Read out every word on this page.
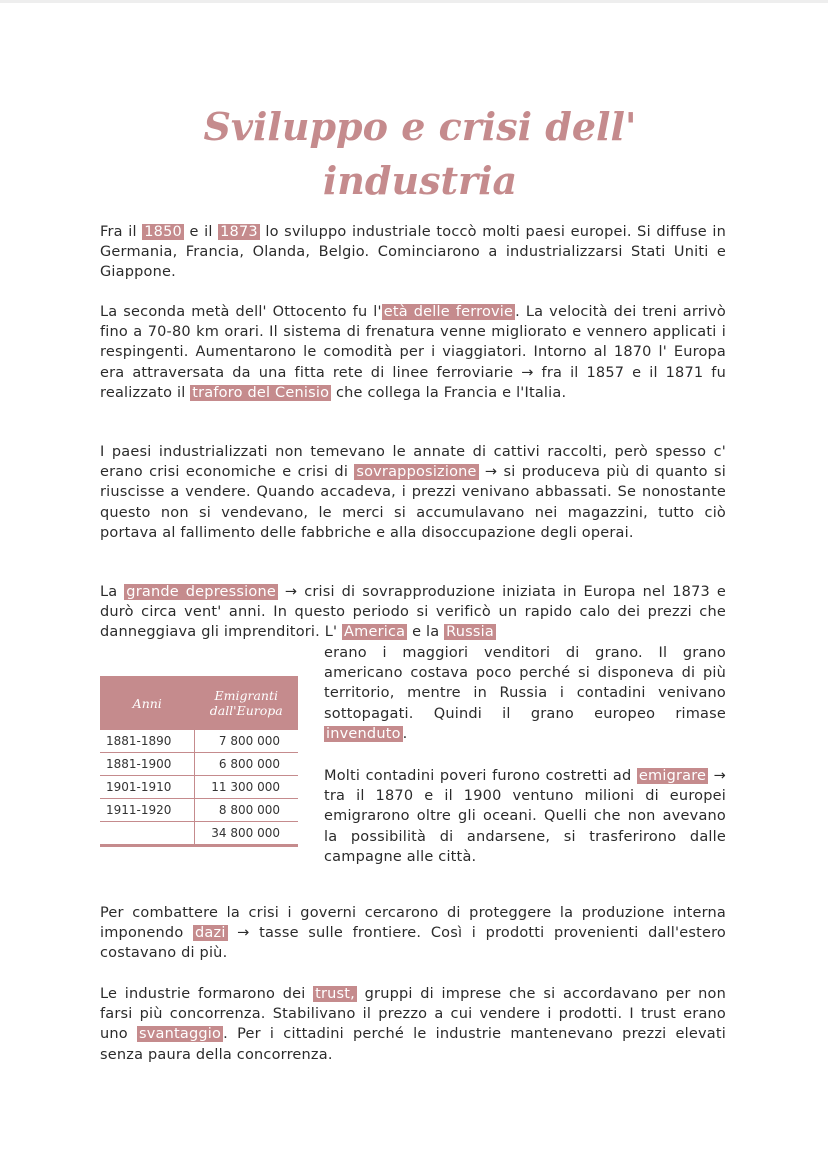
Sviluppo e crisi dell' industria

Fra il 1850 e il 1873 lo sviluppo industriale toccò molti paesi europei. Si diffuse in Germania, Francia, Olanda, Belgio. Cominciarono a industrializzarsi Stati Uniti e Giappone.

La seconda metà dell' Ottocento fu l' età delle ferrovie . La velocità dei treni arrivò fino a 70-80 km orari. Il sistema di frenatura venne migliorato e vennero applicati i respingenti. Aumentarono le comodità per i viaggiatori. Intorno al 1870 l' Europa era attraversata da una fitta rete di linee ferroviarie → fra il 1857 e il 1871 fu realizzato il traforo del Cenisio che collega la Francia e l'Italia.

I paesi industrializzati non temevano le annate di cattivi raccolti, però spesso c' erano crisi economiche e crisi di sovrapposizione → si produceva più di quanto si riuscisse a vendere. Quando accadeva, i prezzi venivano abbassati. Se nonostante questo non si vendevano, le merci si accumulavano nei magazzini, tutto ciò portava al fallimento delle fabbriche e alla disoccupazione degli operai.

La grande depressione → crisi di sovrapproduzione iniziata in Europa nel 1873 e durò circa vent' anni. In questo periodo si verificò un rapido calo dei prezzi che danneggiava gli imprenditori. L' America e la Russia

erano i maggiori venditori di grano. Il grano americano costava poco perché si disponeva di più territorio, mentre in Russia i contadini venivano sottopagati. Quindi il grano europeo rimase invenduto .

Anni	Emigranti dall'Europa
1881-1890	7 800 000
1881-1900	6 800 000
1901-1910	11 300 000
1911-1920	8 800 000
	34 800 000

Molti contadini poveri furono costretti ad emigrare → tra il 1870 e il 1900 ventuno milioni di europei emigrarono oltre gli oceani. Quelli che non avevano la possibilità di andarsene, si trasferirono dalle campagne alle città.

Per combattere la crisi i governi cercarono di proteggere la produzione interna imponendo dazi → tasse sulle frontiere. Così i prodotti provenienti dall'estero costavano di più.

Le industrie formarono dei trust, gruppi di imprese che si accordavano per non farsi più concorrenza. Stabilivano il prezzo a cui vendere i prodotti. I trust erano uno svantaggio . Per i cittadini perché le industrie mantenevano prezzi elevati senza paura della concorrenza.
